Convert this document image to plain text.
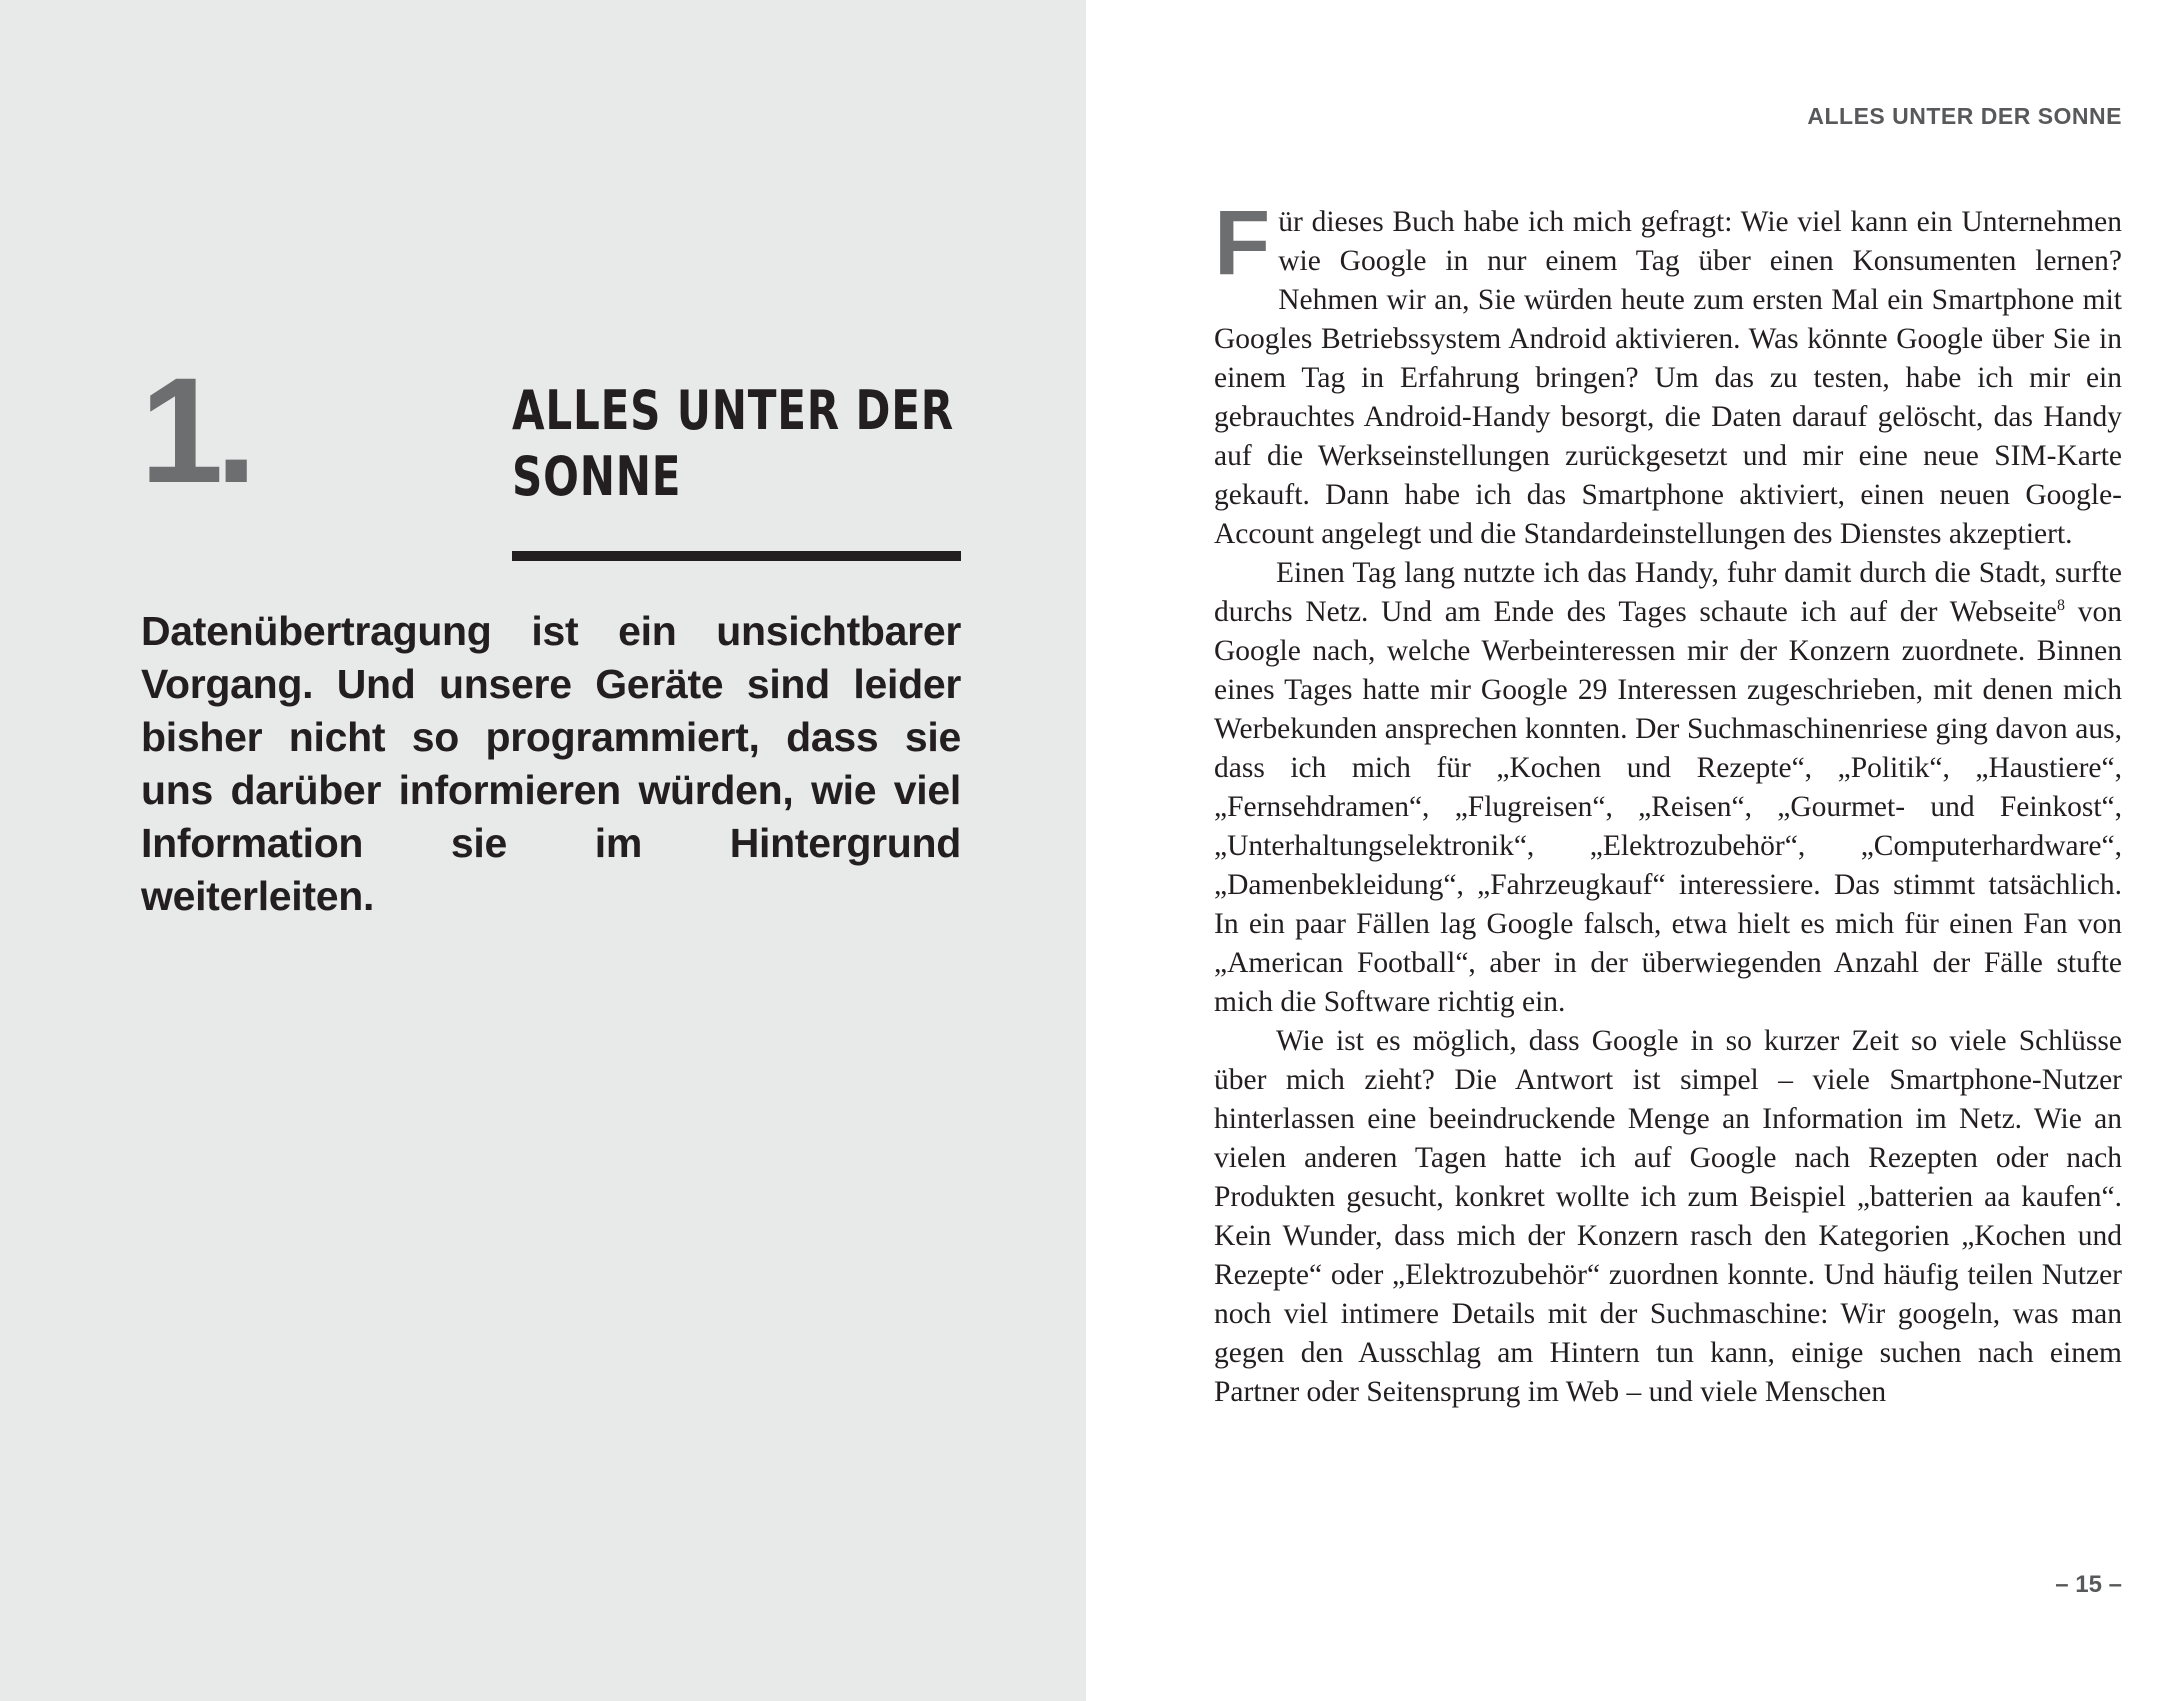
1.	ALLES UNTER DER
SONNE
Datenübertragung ist ein unsichtbarer Vorgang. Und unsere Geräte sind leider bisher nicht so programmiert, dass sie uns darüber informieren würden, wie viel Information sie im Hintergrund weiterleiten.
ALLES UNTER DER SONNE

Für dieses Buch habe ich mich gefragt: Wie viel kann ein Unternehmen wie Google in nur einem Tag über einen Konsumenten lernen? Nehmen wir an, Sie würden heute zum ersten Mal ein Smartphone mit Googles Betriebssystem Android aktivieren. Was könnte Google über Sie in einem Tag in Erfahrung bringen? Um das zu testen, habe ich mir ein gebrauchtes Android-Handy besorgt, die Daten darauf gelöscht, das Handy auf die Werkseinstellungen zurückgesetzt und mir eine neue SIM-Karte gekauft. Dann habe ich das Smartphone aktiviert, einen neuen Google-Account angelegt und die Standardeinstellungen des Dienstes akzeptiert.

Einen Tag lang nutzte ich das Handy, fuhr damit durch die Stadt, surfte durchs Netz. Und am Ende des Tages schaute ich auf der Webseite$^8$ von Google nach, welche Werbeinteressen mir der Konzern zuordnete. Binnen eines Tages hatte mir Google 29 Interessen zugeschrieben, mit denen mich Werbekunden ansprechen konnten. Der Suchmaschinenriese ging davon aus, dass ich mich für „Kochen und Rezepte“, „Politik“, „Haustiere“, „Fernsehdramen“, „Flugreisen“, „Reisen“, „Gourmet- und Feinkost“, „Unterhaltungselektronik“, „Elektrozubehör“, „Computerhardware“, „Damenbekleidung“, „Fahrzeugkauf“ interessiere. Das stimmt tatsächlich. In ein paar Fällen lag Google falsch, etwa hielt es mich für einen Fan von „American Football“, aber in der überwiegenden Anzahl der Fälle stufte mich die Software richtig ein.

Wie ist es möglich, dass Google in so kurzer Zeit so viele Schlüsse über mich zieht? Die Antwort ist simpel – viele Smartphone-Nutzer hinterlassen eine beeindruckende Menge an Information im Netz. Wie an vielen anderen Tagen hatte ich auf Google nach Rezepten oder nach Produkten gesucht, konkret wollte ich zum Beispiel „batterien aa kaufen“. Kein Wunder, dass mich der Konzern rasch den Kategorien „Kochen und Rezepte“ oder „Elektrozubehör“ zuordnen konnte. Und häufig teilen Nutzer noch viel intimere Details mit der Suchmaschine: Wir googeln, was man gegen den Ausschlag am Hintern tun kann, einige suchen nach einem Partner oder Seitensprung im Web – und viele Menschen

– 15 –
